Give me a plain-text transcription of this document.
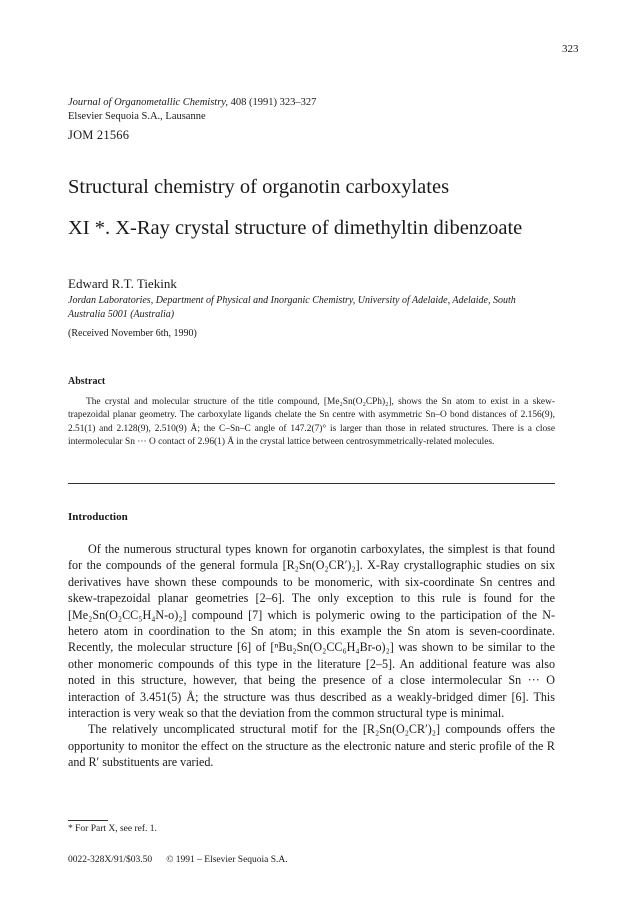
323
Journal of Organometallic Chemistry, 408 (1991) 323–327
Elsevier Sequoia S.A., Lausanne
JOM 21566
Structural chemistry of organotin carboxylates
XI *. X-Ray crystal structure of dimethyltin dibenzoate
Edward R.T. Tiekink
Jordan Laboratories, Department of Physical and Inorganic Chemistry, University of Adelaide, Adelaide, South Australia 5001 (Australia)
(Received November 6th, 1990)
Abstract
The crystal and molecular structure of the title compound, [Me₂Sn(O₂CPh)₂], shows the Sn atom to exist in a skew-trapezoidal planar geometry. The carboxylate ligands chelate the Sn centre with asymmetric Sn–O bond distances of 2.156(9), 2.51(1) and 2.128(9), 2.510(9) Å; the C–Sn–C angle of 147.2(7)° is larger than those in related structures. There is a close intermolecular Sn ··· O contact of 2.96(1) Å in the crystal lattice between centrosymmetrically-related molecules.
Introduction

Of the numerous structural types known for organotin carboxylates, the simplest is that found for the compounds of the general formula [R₂Sn(O₂CR′)₂]. X-Ray crystallographic studies on six derivatives have shown these compounds to be monomeric, with six-coordinate Sn centres and skew-trapezoidal planar geometries [2–6]. The only exception to this rule is found for the [Me₂Sn(O₂CC₅H₄N-o)₂] compound [7] which is polymeric owing to the participation of the N-hetero atom in coordination to the Sn atom; in this example the Sn atom is seven-coordinate. Recently, the molecular structure [6] of [ⁿBu₂Sn(O₂CC₆H₄Br-o)₂] was shown to be similar to the other monomeric compounds of this type in the literature [2–5]. An additional feature was also noted in this structure, however, that being the presence of a close intermolecular Sn ··· O interaction of 3.451(5) Å; the structure was thus described as a weakly-bridged dimer [6]. This interaction is very weak so that the deviation from the common structural type is minimal.

The relatively uncomplicated structural motif for the [R₂Sn(O₂CR′)₂] compounds offers the opportunity to monitor the effect on the structure as the electronic nature and steric profile of the R and R′ substituents are varied.

* For Part X, see ref. 1.
0022-328X/91/$03.50 © 1991 – Elsevier Sequoia S.A.
